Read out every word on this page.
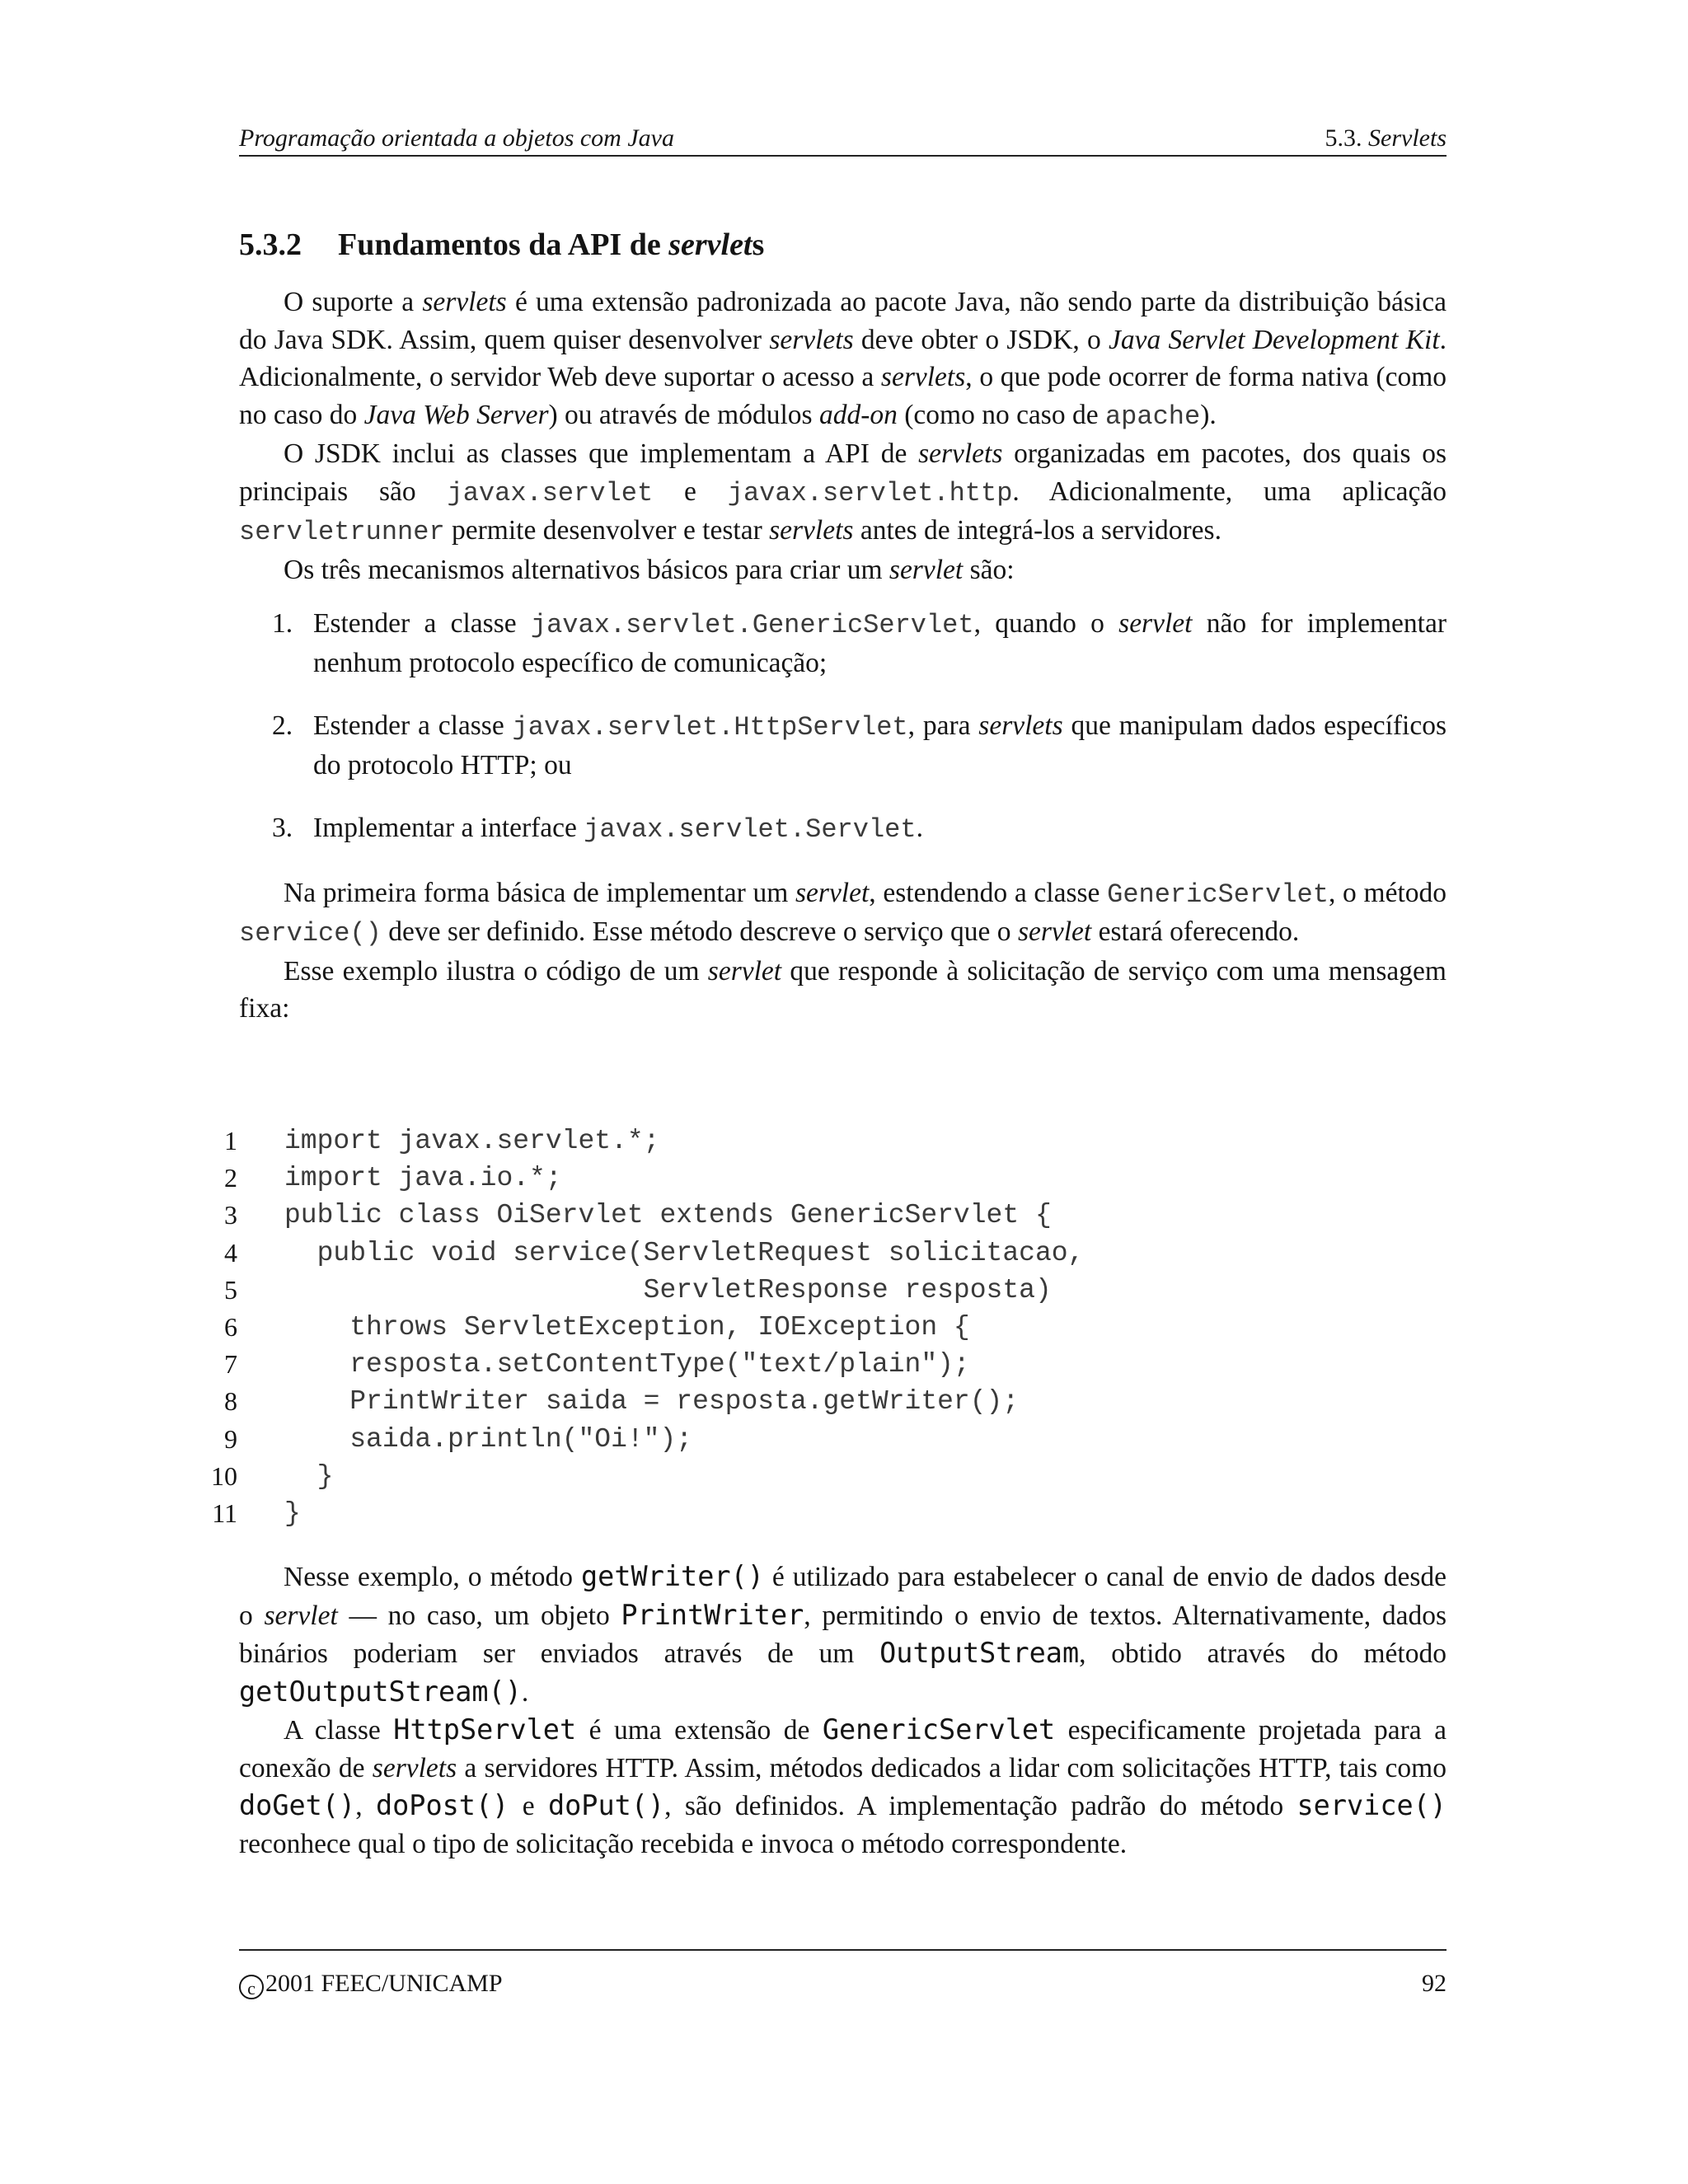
Programação orientada a objetos com Java	5.3. Servlets
5.3.2 Fundamentos da API de servlets

O suporte a servlets é uma extensão padronizada ao pacote Java, não sendo parte da distribuição básica do Java SDK. Assim, quem quiser desenvolver servlets deve obter o JSDK, o Java Servlet Development Kit. Adicionalmente, o servidor Web deve suportar o acesso a servlets, o que pode ocorrer de forma nativa (como no caso do Java Web Server) ou através de módulos add-on (como no caso de apache).

O JSDK inclui as classes que implementam a API de servlets organizadas em pacotes, dos quais os principais são javax.servlet e javax.servlet.http. Adicionalmente, uma aplicação servletrunner permite desenvolver e testar servlets antes de integrá-los a servidores.

Os três mecanismos alternativos básicos para criar um servlet são:

1. Estender a classe javax.servlet.GenericServlet, quando o servlet não for implementar nenhum protocolo específico de comunicação;
2. Estender a classe javax.servlet.HttpServlet, para servlets que manipulam dados específicos do protocolo HTTP; ou
3. Implementar a interface javax.servlet.Servlet.

Na primeira forma básica de implementar um servlet, estendendo a classe GenericServlet, o método service() deve ser definido. Esse método descreve o serviço que o servlet estará oferecendo.

Esse exemplo ilustra o código de um servlet que responde à solicitação de serviço com uma mensagem fixa:

1 import javax.servlet.*;
2 import java.io.*;
3 public class OiServlet extends GenericServlet {
4 public void service(ServletRequest solicitacao,
5 ServletResponse resposta)
6 throws ServletException, IOException {
7 resposta.setContentType("text/plain");
8 PrintWriter saida = resposta.getWriter();
9 saida.println("Oi!");
10 }
11 }

Nesse exemplo, o método getWriter() é utilizado para estabelecer o canal de envio de dados desde o servlet — no caso, um objeto PrintWriter, permitindo o envio de textos. Alternativamente, dados binários poderiam ser enviados através de um OutputStream, obtido através do método getOutputStream().

A classe HttpServlet é uma extensão de GenericServlet especificamente projetada para a conexão de servlets a servidores HTTP. Assim, métodos dedicados a lidar com solicitações HTTP, tais como doGet(), doPost() e doPut(), são definidos. A implementação padrão do método service() reconhece qual o tipo de solicitação recebida e invoca o método correspondente.

c 2001 FEEC/UNICAMP	92
